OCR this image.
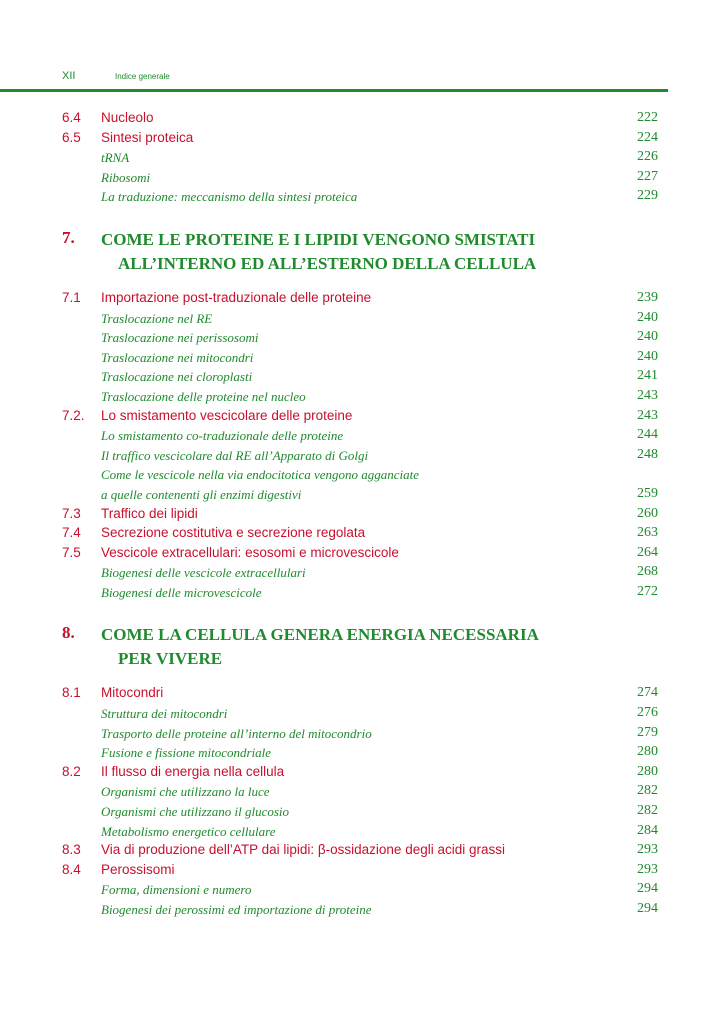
XII	Indice generale
6.4 Nucleolo	222
6.5 Sintesi proteica	224
tRNA	226
Ribosomi	227
La traduzione: meccanismo della sintesi proteica	229
7. COME LE PROTEINE E I LIPIDI VENGONO SMISTATI
ALL’INTERNO ED ALL’ESTERNO DELLA CELLULA
7.1 Importazione post-traduzionale delle proteine	239
Traslocazione nel RE	240
Traslocazione nei perissosomi	240
Traslocazione nei mitocondri	240
Traslocazione nei cloroplasti	241
Traslocazione delle proteine nel nucleo	243
7.2. Lo smistamento vescicolare delle proteine	243
Lo smistamento co-traduzionale delle proteine	244
Il traffico vescicolare dal RE all’Apparato di Golgi	248
Come le vescicole nella via endocitotica vengono agganciate
a quelle contenenti gli enzimi digestivi	259
7.3 Traffico dei lipidi	260
7.4 Secrezione costitutiva e secrezione regolata	263
7.5 Vescicole extracellulari: esosomi e microvescicole	264
Biogenesi delle vescicole extracellulari	268
Biogenesi delle microvescicole	272
8. COME LA CELLULA GENERA ENERGIA NECESSARIA
PER VIVERE
8.1 Mitocondri	274
Struttura dei mitocondri	276
Trasporto delle proteine all’interno del mitocondrio	279
Fusione e fissione mitocondriale	280
8.2 Il flusso di energia nella cellula	280
Organismi che utilizzano la luce	282
Organismi che utilizzano il glucosio	282
Metabolismo energetico cellulare	284
8.3 Via di produzione dell’ATP dai lipidi: β-ossidazione degli acidi grassi	293
8.4 Perossisomi	293
Forma, dimensioni e numero	294
Biogenesi dei perossimi ed importazione di proteine	294
